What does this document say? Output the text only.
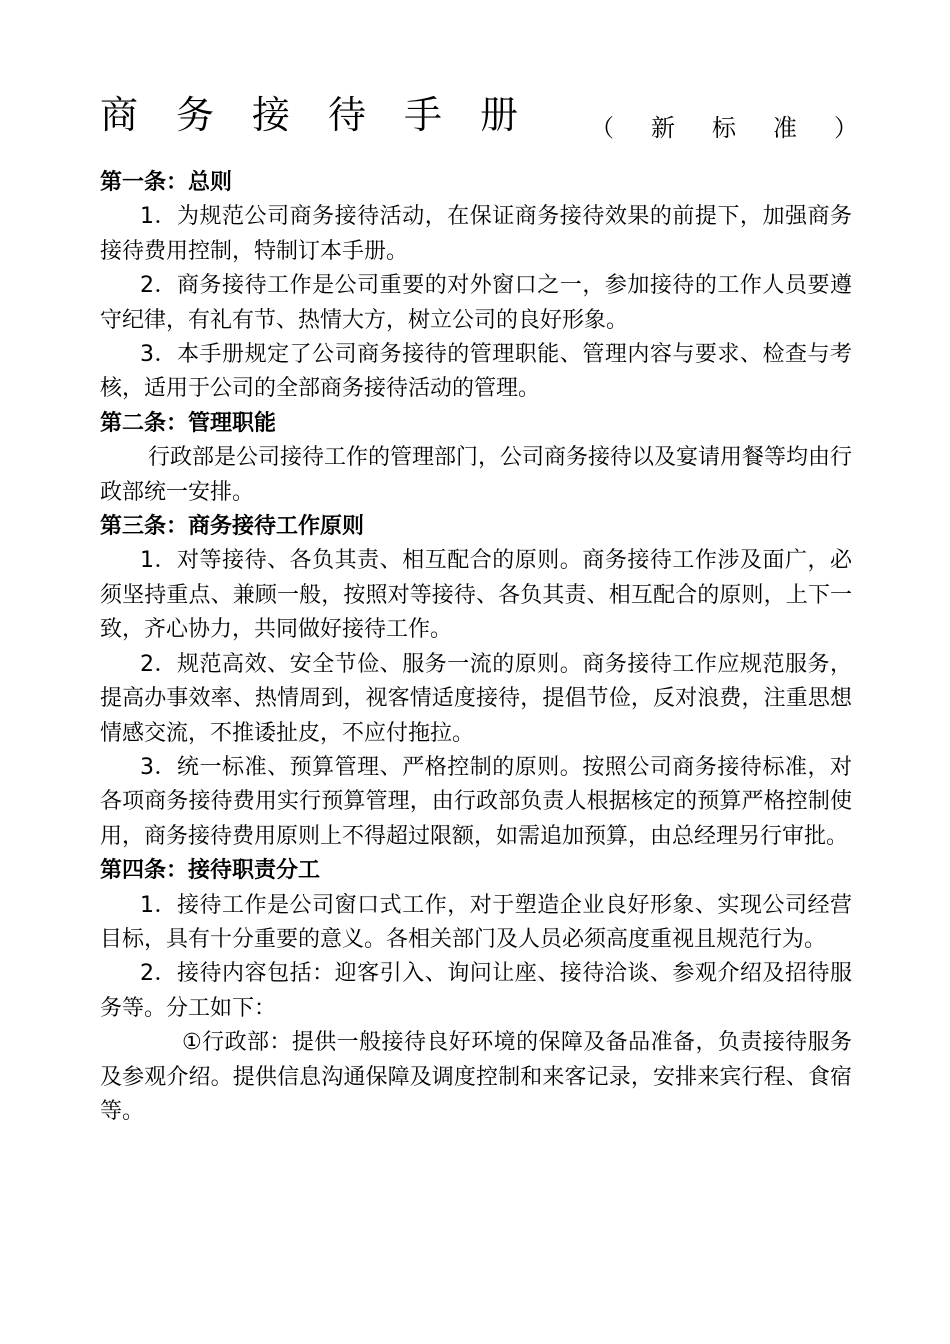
商务接待手册 （ 新 标 准 ）

第一条：总则

1．为规范公司商务接待活动，在保证商务接待效果的前提下，加强商务接待费用控制，特制订本手册。

2．商务接待工作是公司重要的对外窗口之一，参加接待的工作人员要遵守纪律，有礼有节、热情大方，树立公司的良好形象。

3．本手册规定了公司商务接待的管理职能、管理内容与要求、检查与考核，适用于公司的全部商务接待活动的管理。

第二条：管理职能

行政部是公司接待工作的管理部门，公司商务接待以及宴请用餐等均由行政部统一安排。

第三条：商务接待工作原则

1．对等接待、各负其责、相互配合的原则。商务接待工作涉及面广，必须坚持重点、兼顾一般，按照对等接待、各负其责、相互配合的原则，上下一致，齐心协力，共同做好接待工作。

2．规范高效、安全节俭、服务一流的原则。商务接待工作应规范服务，提高办事效率、热情周到，视客情适度接待，提倡节俭，反对浪费，注重思想情感交流，不推诿扯皮，不应付拖拉。

3．统一标准、预算管理、严格控制的原则。按照公司商务接待标准，对各项商务接待费用实行预算管理，由行政部负责人根据核定的预算严格控制使用，商务接待费用原则上不得超过限额，如需追加预算，由总经理另行审批。

第四条：接待职责分工

1．接待工作是公司窗口式工作，对于塑造企业良好形象、实现公司经营目标，具有十分重要的意义。各相关部门及人员必须高度重视且规范行为。

2．接待内容包括：迎客引入、询问让座、接待洽谈、参观介绍及招待服务等。分工如下：

①行政部：提供一般接待良好环境的保障及备品准备，负责接待服务及参观介绍。提供信息沟通保障及调度控制和来客记录，安排来宾行程、食宿等。
